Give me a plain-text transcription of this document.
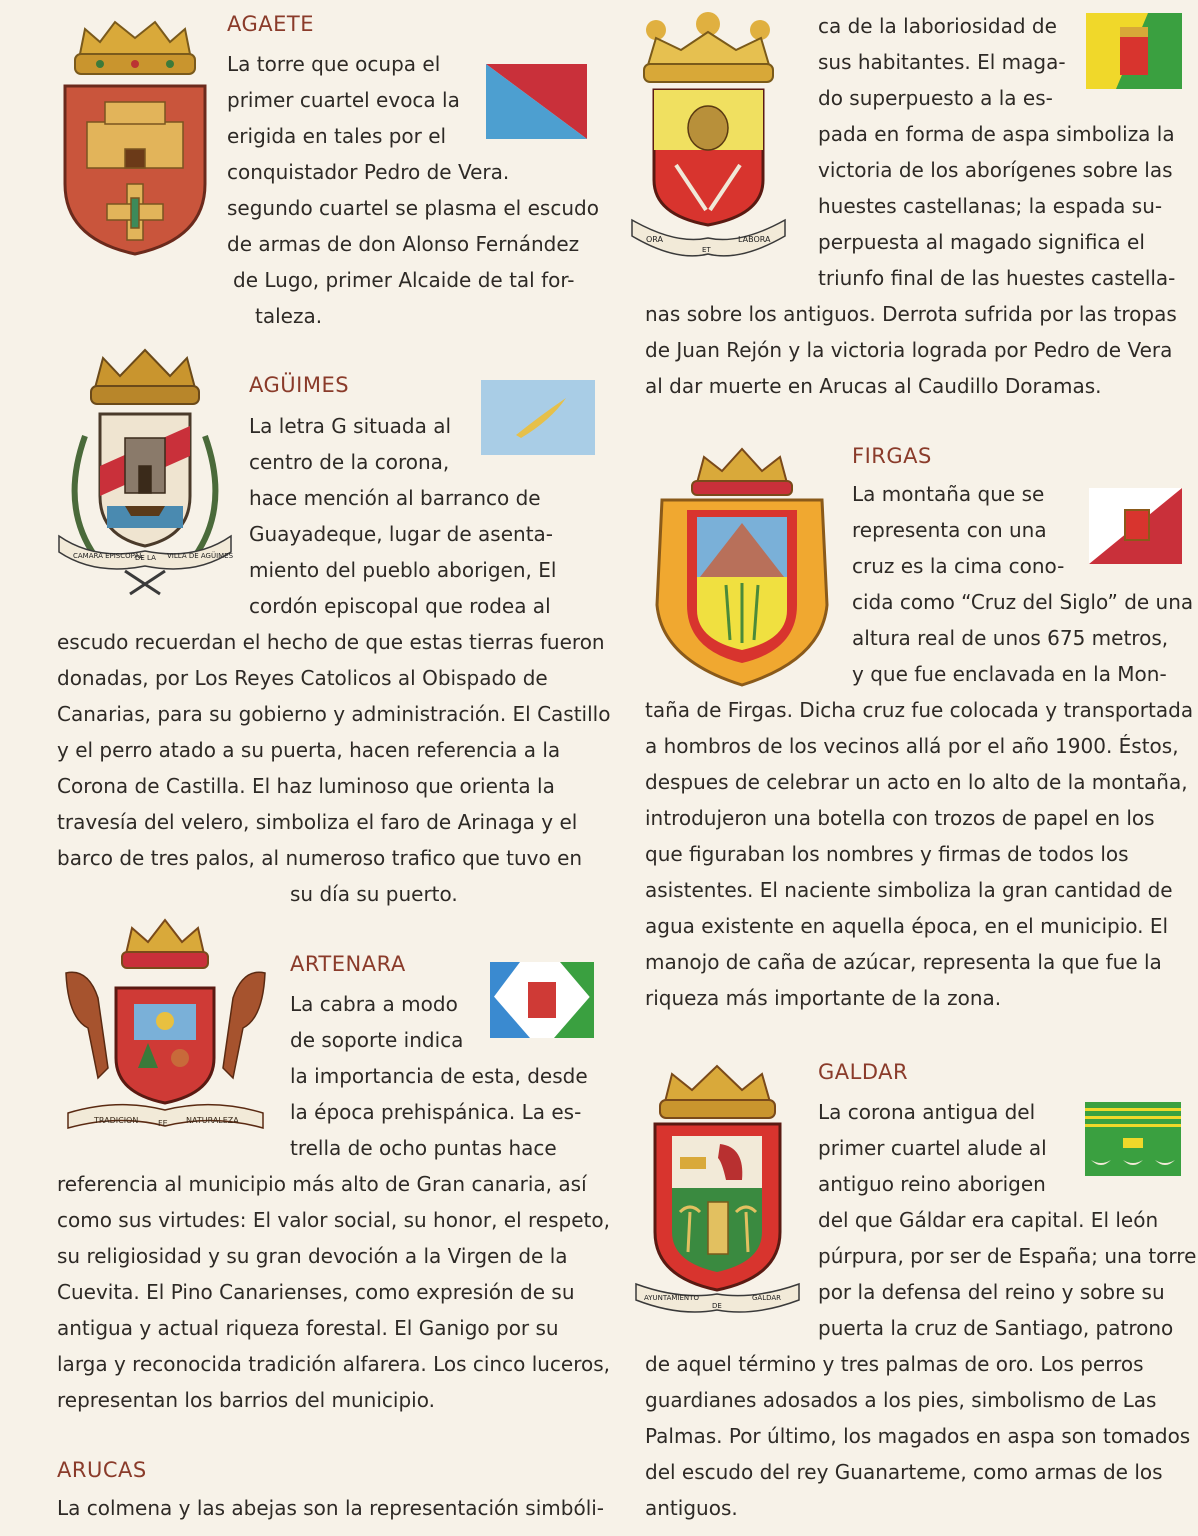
AGAETE
La torre que ocupa el
primer cuartel evoca la
erigida en tales por el
conquistador Pedro de Vera.
segundo cuartel se plasma el escudo
de armas de don Alonso Fernández
de Lugo, primer Alcaide de tal for-
taleza.
CAMARA EPISCOPAL
DE LA VILLA DE AGÜIMES
AGÜIMES
La letra G situada al
centro de la corona,
hace mención al barranco de
Guayadeque, lugar de asenta-
miento del pueblo aborigen, El
cordón episcopal que rodea al
escudo recuerdan el hecho de que estas tierras fueron
donadas, por Los Reyes Catolicos al Obispado de
Canarias, para su gobierno y administración. El Castillo
y el perro atado a su puerta, hacen referencia a la
Corona de Castilla. El haz luminoso que orienta la
travesía del velero, simboliza el faro de Arinaga y el
barco de tres palos, al numeroso trafico que tuvo en
su día su puerto.
TRADICION FE NATURALEZA
ARTENARA
La cabra a modo
de soporte indica
la importancia de esta, desde
la época prehispánica. La es-
trella de ocho puntas hace
referencia al municipio más alto de Gran canaria, así
como sus virtudes: El valor social, su honor, el respeto,
su religiosidad y su gran devoción a la Virgen de la
Cuevita. El Pino Canarienses, como expresión de su
antigua y actual riqueza forestal. El Ganigo por su
larga y reconocida tradición alfarera. Los cinco luceros,
representan los barrios del municipio.
ARUCAS
La colmena y las abejas son la representación simbóli-
ORA
ET
LABORA
ca de la laboriosidad de
sus habitantes. El maga-
do superpuesto a la es-
pada en forma de aspa simboliza la
victoria de los aborígenes sobre las
huestes castellanas; la espada su-
perpuesta al magado significa el
triunfo final de las huestes castella-
nas sobre los antiguos. Derrota sufrida por las tropas
de Juan Rejón y la victoria lograda por Pedro de Vera
al dar muerte en Arucas al Caudillo Doramas.
FIRGAS
La montaña que se
representa con una
cruz es la cima cono-
cida como “Cruz del Siglo” de una
altura real de unos 675 metros,
y que fue enclavada en la Mon-
taña de Firgas. Dicha cruz fue colocada y transportada
a hombros de los vecinos allá por el año 1900. Éstos,
despues de celebrar un acto en lo alto de la montaña,
introdujeron una botella con trozos de papel en los
que figuraban los nombres y firmas de todos los
asistentes. El naciente simboliza la gran cantidad de
agua existente en aquella época, en el municipio. El
manojo de caña de azúcar, representa la que fue la
riqueza más importante de la zona.
AYUNTAMIENTO
DE
GALDAR
GALDAR
La corona antigua del
primer cuartel alude al
antiguo reino aborigen
del que Gáldar era capital. El león
púrpura, por ser de España; una torre
por la defensa del reino y sobre su
puerta la cruz de Santiago, patrono
de aquel término y tres palmas de oro. Los perros
guardianes adosados a los pies, simbolismo de Las
Palmas. Por último, los magados en aspa son tomados
del escudo del rey Guanarteme, como armas de los
antiguos.
